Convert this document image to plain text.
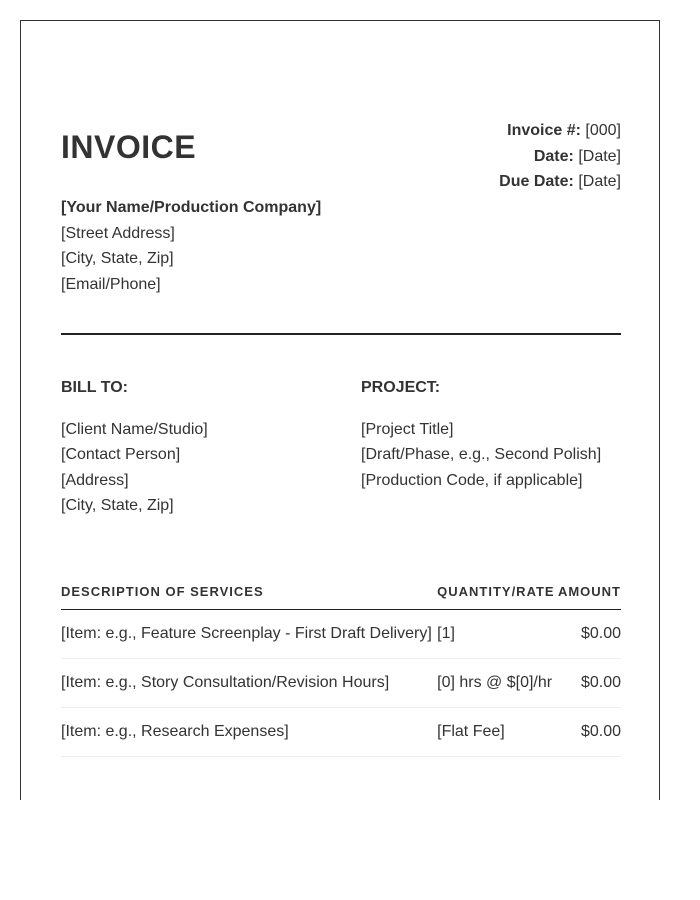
INVOICE	Invoice #: [000]
Date: [Date]
Due Date: [Date]
[Your Name/Production Company]
[Street Address]
[City, State, Zip]
[Email/Phone]
BILL TO:
[Client Name/Studio]
[Contact Person]
[Address]
[City, State, Zip]
PROJECT:
[Project Title]
[Draft/Phase, e.g., Second Polish]
[Production Code, if applicable]
DESCRIPTION OF SERVICES	QUANTITY/RATE	AMOUNT
[Item: e.g., Feature Screenplay - First Draft Delivery]	[1]	$0.00
[Item: e.g., Story Consultation/Revision Hours]	[0] hrs @ $[0]/hr	$0.00
[Item: e.g., Research Expenses]	[Flat Fee]	$0.00
